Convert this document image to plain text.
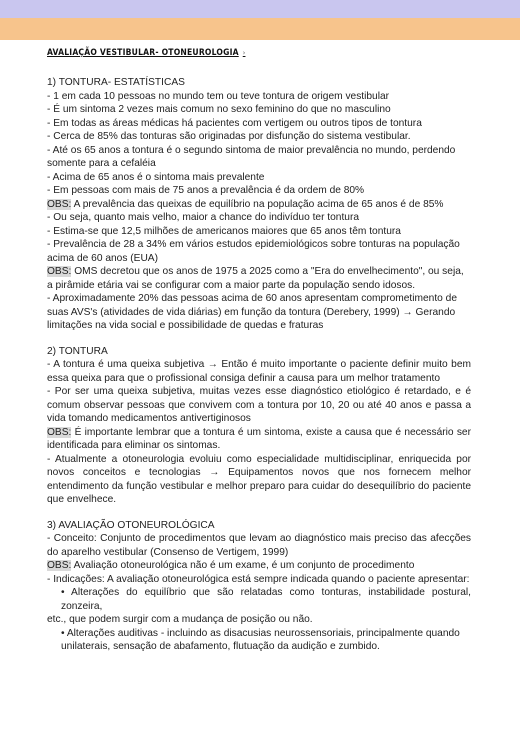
AVALIAÇÃO VESTIBULAR- OTONEUROLOGIA ›
1) TONTURA- ESTATÍSTICAS
- 1 em cada 10 pessoas no mundo tem ou teve tontura de origem vestibular
- É um sintoma 2 vezes mais comum no sexo feminino do que no masculino
- Em todas as áreas médicas há pacientes com vertigem ou outros tipos de tontura
- Cerca de 85% das tonturas são originadas por disfunção do sistema vestibular.
- Até os 65 anos a tontura é o segundo sintoma de maior prevalência no mundo, perdendo somente para a cefaléia
- Acima de 65 anos é o sintoma mais prevalente
- Em pessoas com mais de 75 anos a prevalência é da ordem de 80%
OBS: A prevalência das queixas de equilíbrio na população acima de 65 anos é de 85%
- Ou seja, quanto mais velho, maior a chance do indivíduo ter tontura
- Estima-se que 12,5 milhões de americanos maiores que 65 anos têm tontura
- Prevalência de 28 a 34% em vários estudos epidemiológicos sobre tonturas na população acima de 60 anos (EUA)
OBS: OMS decretou que os anos de 1975 a 2025 como a "Era do envelhecimento", ou seja, a pirâmide etária vai se configurar com a maior parte da população sendo idosos.
- Aproximadamente 20% das pessoas acima de 60 anos apresentam comprometimento de suas AVS's (atividades de vida diárias) em função da tontura (Derebery, 1999) → Gerando limitações na vida social e possibilidade de quedas e fraturas
2) TONTURA
- A tontura é uma queixa subjetiva → Então é muito importante o paciente definir muito bem essa queixa para que o profissional consiga definir a causa para um melhor tratamento
- Por ser uma queixa subjetiva, muitas vezes esse diagnóstico etiológico é retardado, e é comum observar pessoas que convivem com a tontura por 10, 20 ou até 40 anos e passa a vida tomando medicamentos antivertiginosos
OBS: É importante lembrar que a tontura é um sintoma, existe a causa que é necessário ser identificada para eliminar os sintomas.
- Atualmente a otoneurologia evoluiu como especialidade multidisciplinar, enriquecida por novos conceitos e tecnologias → Equipamentos novos que nos fornecem melhor entendimento da função vestibular e melhor preparo para cuidar do desequilíbrio do paciente que envelhece.
3) AVALIAÇÃO OTONEUROLÓGICA
- Conceito: Conjunto de procedimentos que levam ao diagnóstico mais preciso das afecções do aparelho vestibular (Consenso de Vertigem, 1999)
OBS: Avaliação otoneurológica não é um exame, é um conjunto de procedimento
- Indicações: A avaliação otoneurológica está sempre indicada quando o paciente apresentar:
• Alterações do equilíbrio que são relatadas como tonturas, instabilidade postural, zonzeira,
etc., que podem surgir com a mudança de posição ou não.
• Alterações auditivas - incluindo as disacusias neurossensoriais, principalmente quando unilaterais, sensação de abafamento, flutuação da audição e zumbido.
